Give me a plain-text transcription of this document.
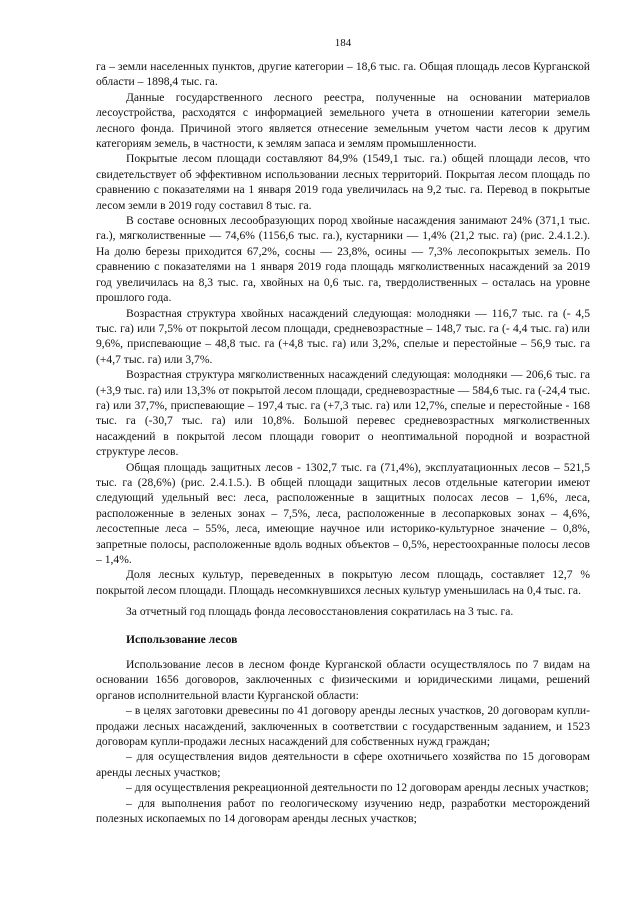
184

га – земли населенных пунктов, другие категории – 18,6 тыс. га. Общая площадь лесов Курганской области – 1898,4 тыс. га.

Данные государственного лесного реестра, полученные на основании материалов лесоустройства, расходятся с информацией земельного учета в отношении категории земель лесного фонда. Причиной этого является отнесение земельным учетом части лесов к другим категориям земель, в частности, к землям запаса и землям промышленности.

Покрытые лесом площади составляют 84,9% (1549,1 тыс. га.) общей площади лесов, что свидетельствует об эффективном использовании лесных территорий. Покрытая лесом площадь по сравнению с показателями на 1 января 2019 года увеличилась на 9,2 тыс. га. Перевод в покрытые лесом земли в 2019 году составил 8 тыс. га.

В составе основных лесообразующих пород хвойные насаждения занимают 24% (371,1 тыс. га.), мягколиственные — 74,6% (1156,6 тыс. га.), кустарники — 1,4% (21,2 тыс. га) (рис. 2.4.1.2.). На долю березы приходится 67,2%, сосны — 23,8%, осины — 7,3% лесопокрытых земель. По сравнению с показателями на 1 января 2019 года площадь мягколиственных насаждений за 2019 год увеличилась на 8,3 тыс. га, хвойных на 0,6 тыс. га, твердолиственных – осталась на уровне прошлого года.

Возрастная структура хвойных насаждений следующая: молодняки — 116,7 тыс. га (- 4,5 тыс. га) или 7,5% от покрытой лесом площади, средневозрастные – 148,7 тыс. га (- 4,4 тыс. га) или 9,6%, приспевающие – 48,8 тыс. га (+4,8 тыс. га) или 3,2%, спелые и перестойные – 56,9 тыс. га (+4,7 тыс. га) или 3,7%.

Возрастная структура мягколиственных насаждений следующая: молодняки — 206,6 тыс. га (+3,9 тыс. га) или 13,3% от покрытой лесом площади, средневозрастные — 584,6 тыс. га (-24,4 тыс. га) или 37,7%, приспевающие – 197,4 тыс. га (+7,3 тыс. га) или 12,7%, спелые и перестойные - 168 тыс. га (-30,7 тыс. га) или 10,8%. Большой перевес средневозрастных мягколиственных насаждений в покрытой лесом площади говорит о неоптимальной породной и возрастной структуре лесов.

Общая площадь защитных лесов - 1302,7 тыс. га (71,4%), эксплуатационных лесов – 521,5 тыс. га (28,6%) (рис. 2.4.1.5.). В общей площади защитных лесов отдельные категории имеют следующий удельный вес: леса, расположенные в защитных полосах лесов – 1,6%, леса, расположенные в зеленых зонах – 7,5%, леса, расположенные в лесопарковых зонах – 4,6%, лесостепные леса – 55%, леса, имеющие научное или историко-культурное значение – 0,8%, запретные полосы, расположенные вдоль водных объектов – 0,5%, нерестоохранные полосы лесов – 1,4%.

Доля лесных культур, переведенных в покрытую лесом площадь, составляет 12,7 % покрытой лесом площади. Площадь несомкнувшихся лесных культур уменьшилась на 0,4 тыс. га.

За отчетный год площадь фонда лесовосстановления сократилась на 3 тыс. га.

Использование лесов

Использование лесов в лесном фонде Курганской области осуществлялось по 7 видам на основании 1656 договоров, заключенных с физическими и юридическими лицами, решений органов исполнительной власти Курганской области:

– в целях заготовки древесины по 41 договору аренды лесных участков, 20 договорам купли-продажи лесных насаждений, заключенных в соответствии с государственным заданием, и 1523 договорам купли-продажи лесных насаждений для собственных нужд граждан;

– для осуществления видов деятельности в сфере охотничьего хозяйства по 15 договорам аренды лесных участков;

– для осуществления рекреационной деятельности по 12 договорам аренды лесных участков;

– для выполнения работ по геологическому изучению недр, разработки месторождений полезных ископаемых по 14 договорам аренды лесных участков;
